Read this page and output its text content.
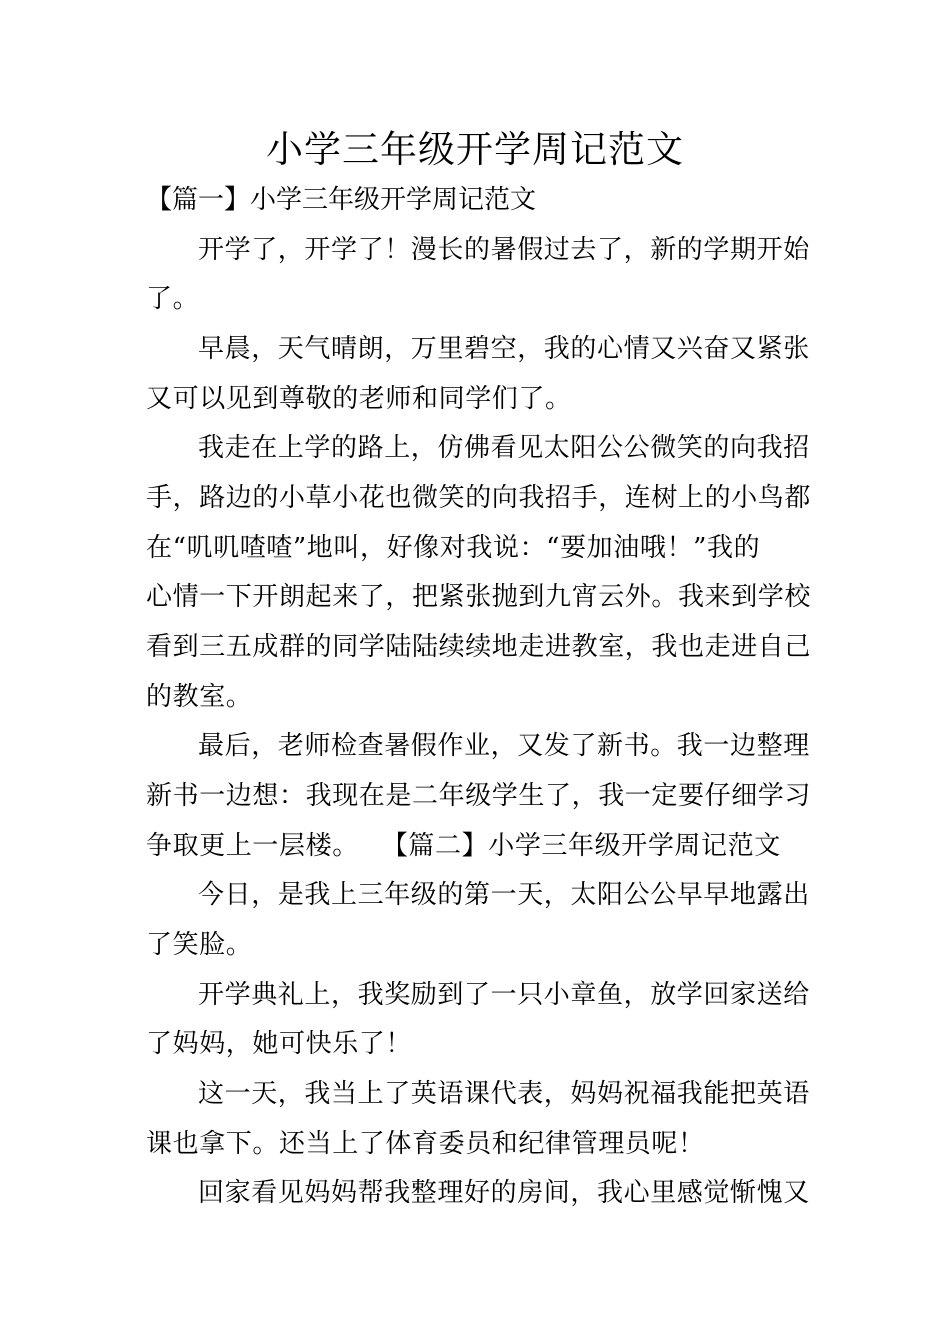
小学三年级开学周记范文

【篇一】小学三年级开学周记范文

开学了，开学了！漫长的暑假过去了，新的学期开始

了。

早晨，天气晴朗，万里碧空，我的心情又兴奋又紧张

又可以见到尊敬的老师和同学们了。

我走在上学的路上，仿佛看见太阳公公微笑的向我招

手，路边的小草小花也微笑的向我招手，连树上的小鸟都

在“叽叽喳喳”地叫，好像对我说：“要加油哦！”我的

心情一下开朗起来了，把紧张抛到九宵云外。我来到学校

看到三五成群的同学陆陆续续地走进教室，我也走进自己

的教室。

最后，老师检查暑假作业，又发了新书。我一边整理

新书一边想：我现在是二年级学生了，我一定要仔细学习

争取更上一层楼。 【篇二】小学三年级开学周记范文

今日，是我上三年级的第一天，太阳公公早早地露出

了笑脸。

开学典礼上，我奖励到了一只小章鱼，放学回家送给

了妈妈，她可快乐了！

这一天，我当上了英语课代表，妈妈祝福我能把英语

课也拿下。还当上了体育委员和纪律管理员呢！

回家看见妈妈帮我整理好的房间，我心里感觉惭愧又
